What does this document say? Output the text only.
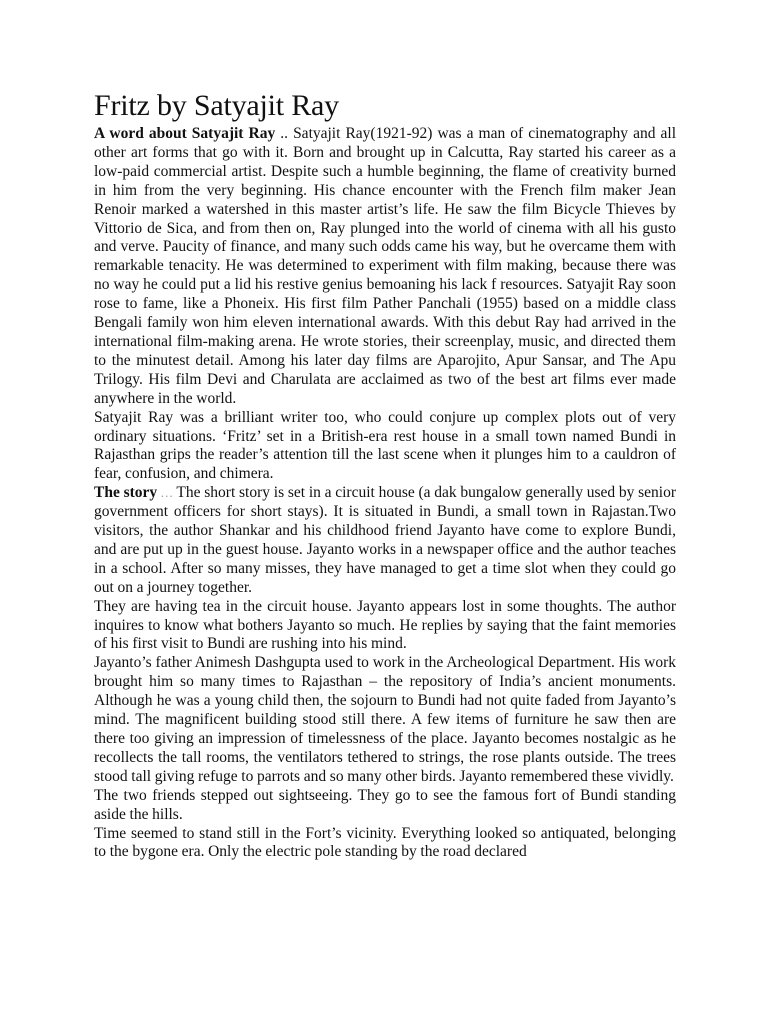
Fritz by Satyajit Ray

A word about Satyajit Ray .. Satyajit Ray(1921-92) was a man of cinematography and all other art forms that go with it. Born and brought up in Calcutta, Ray started his career as a low-paid commercial artist. Despite such a humble beginning, the flame of creativity burned in him from the very beginning. His chance encounter with the French film maker Jean Renoir marked a watershed in this master artist’s life. He saw the film Bicycle Thieves by Vittorio de Sica, and from then on, Ray plunged into the world of cinema with all his gusto and verve. Paucity of finance, and many such odds came his way, but he overcame them with remarkable tenacity. He was determined to experiment with film making, because there was no way he could put a lid his restive genius bemoaning his lack f resources. Satyajit Ray soon rose to fame, like a Phoneix. His first film Pather Panchali (1955) based on a middle class Bengali family won him eleven international awards. With this debut Ray had arrived in the international film-making arena. He wrote stories, their screenplay, music, and directed them to the minutest detail. Among his later day films are Aparojito, Apur Sansar, and The Apu Trilogy. His film Devi and Charulata are acclaimed as two of the best art films ever made anywhere in the world.

Satyajit Ray was a brilliant writer too, who could conjure up complex plots out of very ordinary situations. ‘Fritz’ set in a British-era rest house in a small town named Bundi in Rajasthan grips the reader’s attention till the last scene when it plunges him to a cauldron of fear, confusion, and chimera.

The story … The short story is set in a circuit house (a dak bungalow generally used by senior government officers for short stays). It is situated in Bundi, a small town in Rajastan.Two visitors, the author Shankar and his childhood friend Jayanto have come to explore Bundi, and are put up in the guest house. Jayanto works in a newspaper office and the author teaches in a school. After so many misses, they have managed to get a time slot when they could go out on a journey together.

They are having tea in the circuit house. Jayanto appears lost in some thoughts. The author inquires to know what bothers Jayanto so much. He replies by saying that the faint memories of his first visit to Bundi are rushing into his mind.

Jayanto’s father Animesh Dashgupta used to work in the Archeological Department. His work brought him so many times to Rajasthan – the repository of India’s ancient monuments. Although he was a young child then, the sojourn to Bundi had not quite faded from Jayanto’s mind. The magnificent building stood still there. A few items of furniture he saw then are there too giving an impression of timelessness of the place. Jayanto becomes nostalgic as he recollects the tall rooms, the ventilators tethered to strings, the rose plants outside. The trees stood tall giving refuge to parrots and so many other birds. Jayanto remembered these vividly.

The two friends stepped out sightseeing. They go to see the famous fort of Bundi standing aside the hills.

Time seemed to stand still in the Fort’s vicinity. Everything looked so antiquated, belonging to the bygone era. Only the electric pole standing by the road declared
